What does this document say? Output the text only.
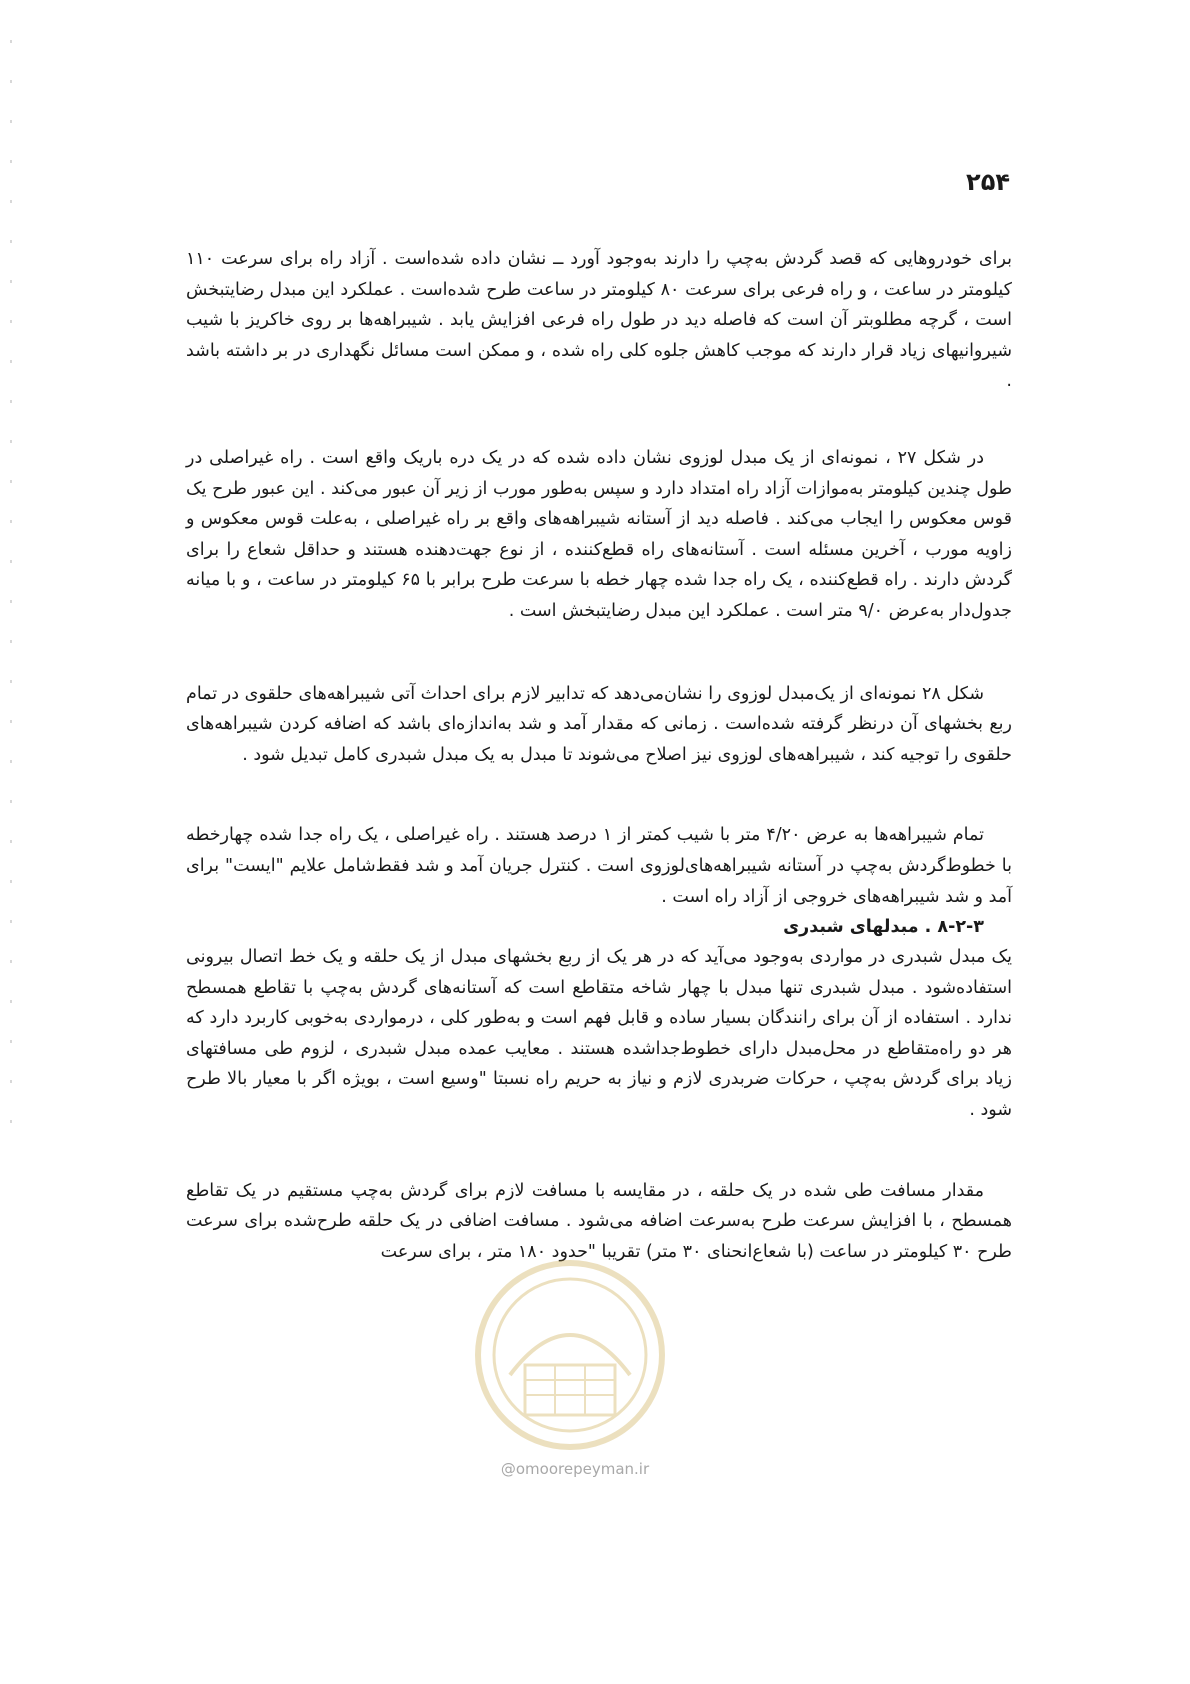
۲۵۴

برای خودروهایی که قصد گردش به‌چپ را دارند به‌وجود آورد ــ نشان داده شده‌است . آزاد راه برای سرعت ۱۱۰ کیلومتر در ساعت ، و راه فرعی برای سرعت ۸۰ کیلومتر در ساعت طرح شده‌است . عملکرد این مبدل رضایتبخش است ، گرچه مطلوبتر آن است که فاصله دید در طول راه فرعی افزایش یابد . شیبراهه‌ها بر روی خاکریز با شیب شیروانیهای زیاد قرار دارند که موجب کاهش جلوه کلی راه شده ، و ممکن است مسائل نگهداری در بر داشته باشد .

در شکل ۲۷ ، نمونه‌ای از یک مبدل لوزوی نشان داده شده که در یک دره باریک واقع است . راه غیراصلی در طول چندین کیلومتر به‌موازات آزاد راه امتداد دارد و سپس به‌طور مورب از زیر آن عبور می‌کند . این عبور طرح یک قوس معکوس را ایجاب می‌کند . فاصله دید از آستانه شیبراهه‌های واقع بر راه غیراصلی ، به‌علت قوس معکوس و زاویه مورب ، آخرین مسئله است . آستانه‌های راه قطع‌کننده ، از نوع جهت‌دهنده هستند و حداقل شعاع را برای گردش دارند . راه قطع‌کننده ، یک راه جدا شده چهار خطه با سرعت طرح برابر با ۶۵ کیلومتر در ساعت ، و با میانه جدول‌دار به‌عرض ۹/۰ متر است . عملکرد این مبدل رضایتبخش است .

شکل ۲۸ نمونه‌ای از یک‌مبدل لوزوی را نشان‌می‌دهد که تدابیر لازم برای احداث آتی شیبراهه‌های حلقوی در تمام ربع بخشهای آن درنظر گرفته شده‌است . زمانی که مقدار آمد و شد به‌اندازه‌ای باشد که اضافه کردن شیبراهه‌های حلقوی را توجیه کند ، شیبراهه‌های لوزوی نیز اصلاح می‌شوند تا مبدل به یک مبدل شبدری کامل تبدیل شود .

تمام شیبراهه‌ها به عرض ۴/۲۰ متر با شیب کمتر از ۱ درصد هستند . راه غیراصلی ، یک راه جدا شده چهارخطه با خطوط‌گردش به‌چپ در آستانه شیبراهه‌های‌لوزوی است . کنترل جریان آمد و شد فقط‌شامل علایم "ایست" برای آمد و شد شیبراهه‌های خروجی از آزاد راه است .

۸-۲-۳ . مبدلهای شبدری

یک مبدل شبدری در مواردی به‌وجود می‌آید که در هر یک از ربع بخشهای مبدل از یک حلقه و یک خط اتصال بیرونی استفاده‌شود . مبدل شبدری تنها مبدل با چهار شاخه متقاطع است که آستانه‌های گردش به‌چپ با تقاطع همسطح ندارد . استفاده از آن برای رانندگان بسیار ساده و قابل فهم است و به‌طور کلی ، درمواردی به‌خوبی کاربرد دارد که هر دو راه‌متقاطع در محل‌مبدل دارای خطوط‌جداشده هستند . معایب عمده مبدل شبدری ، لزوم طی مسافتهای زیاد برای گردش به‌چپ ، حرکات ضربدری لازم و نیاز به حریم راه نسبتا "وسیع است ، بویژه اگر با معیار بالا طرح شود .

مقدار مسافت طی شده در یک حلقه ، در مقایسه با مسافت لازم برای گردش به‌چپ مستقیم در یک تقاطع همسطح ، با افزایش سرعت طرح به‌سرعت اضافه می‌شود . مسافت اضافی در یک حلقه طرح‌شده برای سرعت طرح ۳۰ کیلومتر در ساعت (با شعاع‌انحنای ۳۰ متر) تقریبا "حدود ۱۸۰ متر ، برای سرعت

@omoorepeyman.ir
